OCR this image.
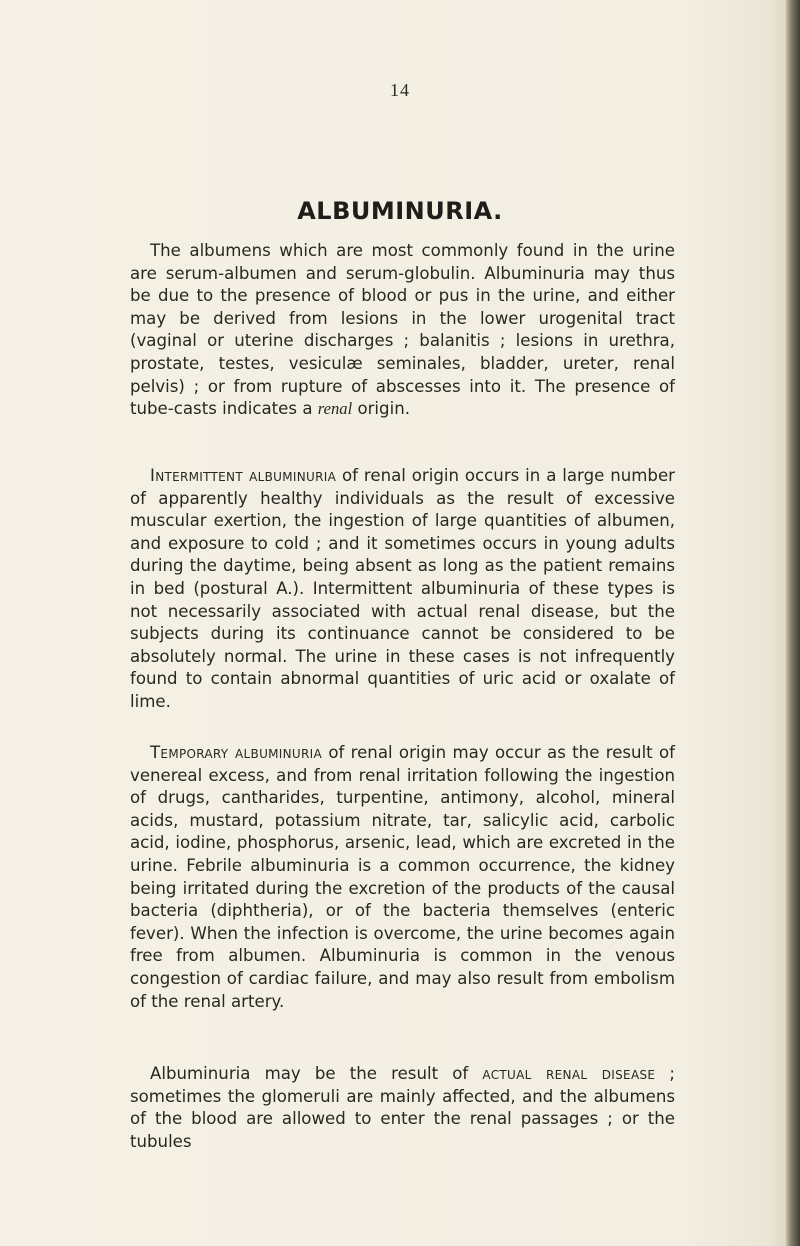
14
ALBUMINURIA.

The albumens which are most commonly found in the urine are serum-albumen and serum-globulin. Albuminuria may thus be due to the presence of blood or pus in the urine, and either may be derived from lesions in the lower urogenital tract (vaginal or uterine discharges ; balanitis ; lesions in urethra, prostate, testes, vesiculæ seminales, bladder, ureter, renal pelvis) ; or from rupture of abscesses into it. The presence of tube-casts indicates a renal origin.

Intermittent albuminuria of renal origin occurs in a large number of apparently healthy individuals as the result of excessive muscular exertion, the ingestion of large quantities of albumen, and exposure to cold ; and it sometimes occurs in young adults during the daytime, being absent as long as the patient remains in bed (postural A.). Intermittent albuminuria of these types is not necessarily associated with actual renal disease, but the subjects during its continuance cannot be considered to be absolutely normal. The urine in these cases is not infrequently found to contain abnormal quantities of uric acid or oxalate of lime.

Temporary albuminuria of renal origin may occur as the result of venereal excess, and from renal irritation following the ingestion of drugs, cantharides, turpentine, antimony, alcohol, mineral acids, mustard, potassium nitrate, tar, salicylic acid, carbolic acid, iodine, phosphorus, arsenic, lead, which are excreted in the urine. Febrile albuminuria is a common occurrence, the kidney being irritated during the excretion of the products of the causal bacteria (diphtheria), or of the bacteria themselves (enteric fever). When the infection is overcome, the urine becomes again free from albumen. Albuminuria is common in the venous congestion of cardiac failure, and may also result from embolism of the renal artery.

Albuminuria may be the result of actual renal disease ; sometimes the glomeruli are mainly affected, and the albumens of the blood are allowed to enter the renal passages ; or the tubules
